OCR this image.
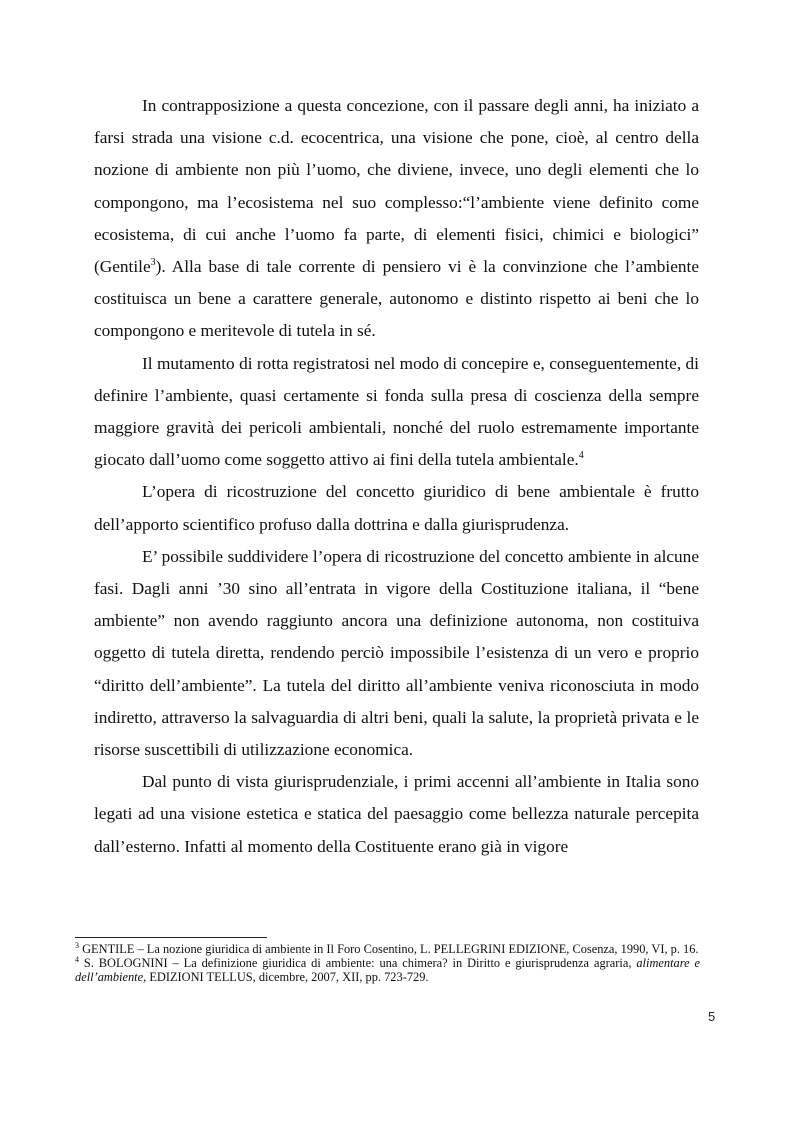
In contrapposizione a questa concezione, con il passare degli anni, ha iniziato a farsi strada una visione c.d. ecocentrica, una visione che pone, cioè, al centro della nozione di ambiente non più l’uomo, che diviene, invece, uno degli elementi che lo compongono, ma l’ecosistema nel suo complesso:“l’ambiente viene definito come ecosistema, di cui anche l’uomo fa parte, di elementi fisici, chimici e biologici” (Gentile$^3$). Alla base di tale corrente di pensiero vi è la convinzione che l’ambiente costituisca un bene a carattere generale, autonomo e distinto rispetto ai beni che lo compongono e meritevole di tutela in sé.

Il mutamento di rotta registratosi nel modo di concepire e, conseguentemente, di definire l’ambiente, quasi certamente si fonda sulla presa di coscienza della sempre maggiore gravità dei pericoli ambientali, nonché del ruolo estremamente importante giocato dall’uomo come soggetto attivo ai fini della tutela ambientale.$^4$

L’opera di ricostruzione del concetto giuridico di bene ambientale è frutto dell’apporto scientifico profuso dalla dottrina e dalla giurisprudenza.

E’ possibile suddividere l’opera di ricostruzione del concetto ambiente in alcune fasi. Dagli anni ’30 sino all’entrata in vigore della Costituzione italiana, il “bene ambiente” non avendo raggiunto ancora una definizione autonoma, non costituiva oggetto di tutela diretta, rendendo perciò impossibile l’esistenza di un vero e proprio “diritto dell’ambiente”. La tutela del diritto all’ambiente veniva riconosciuta in modo indiretto, attraverso la salvaguardia di altri beni, quali la salute, la proprietà privata e le risorse suscettibili di utilizzazione economica.

Dal punto di vista giurisprudenziale, i primi accenni all’ambiente in Italia sono legati ad una visione estetica e statica del paesaggio come bellezza naturale percepita dall’esterno. Infatti al momento della Costituente erano già in vigore

$^3$ GENTILE – La nozione giuridica di ambiente in Il Foro Cosentino, L. PELLEGRINI EDIZIONE, Cosenza, 1990, VI, p. 16.

$^4$ S. BOLOGNINI – La definizione giuridica di ambiente: una chimera? in Diritto e giurisprudenza agraria, alimentare e dell’ambiente, EDIZIONI TELLUS, dicembre, 2007, XII, pp. 723-729.

5
